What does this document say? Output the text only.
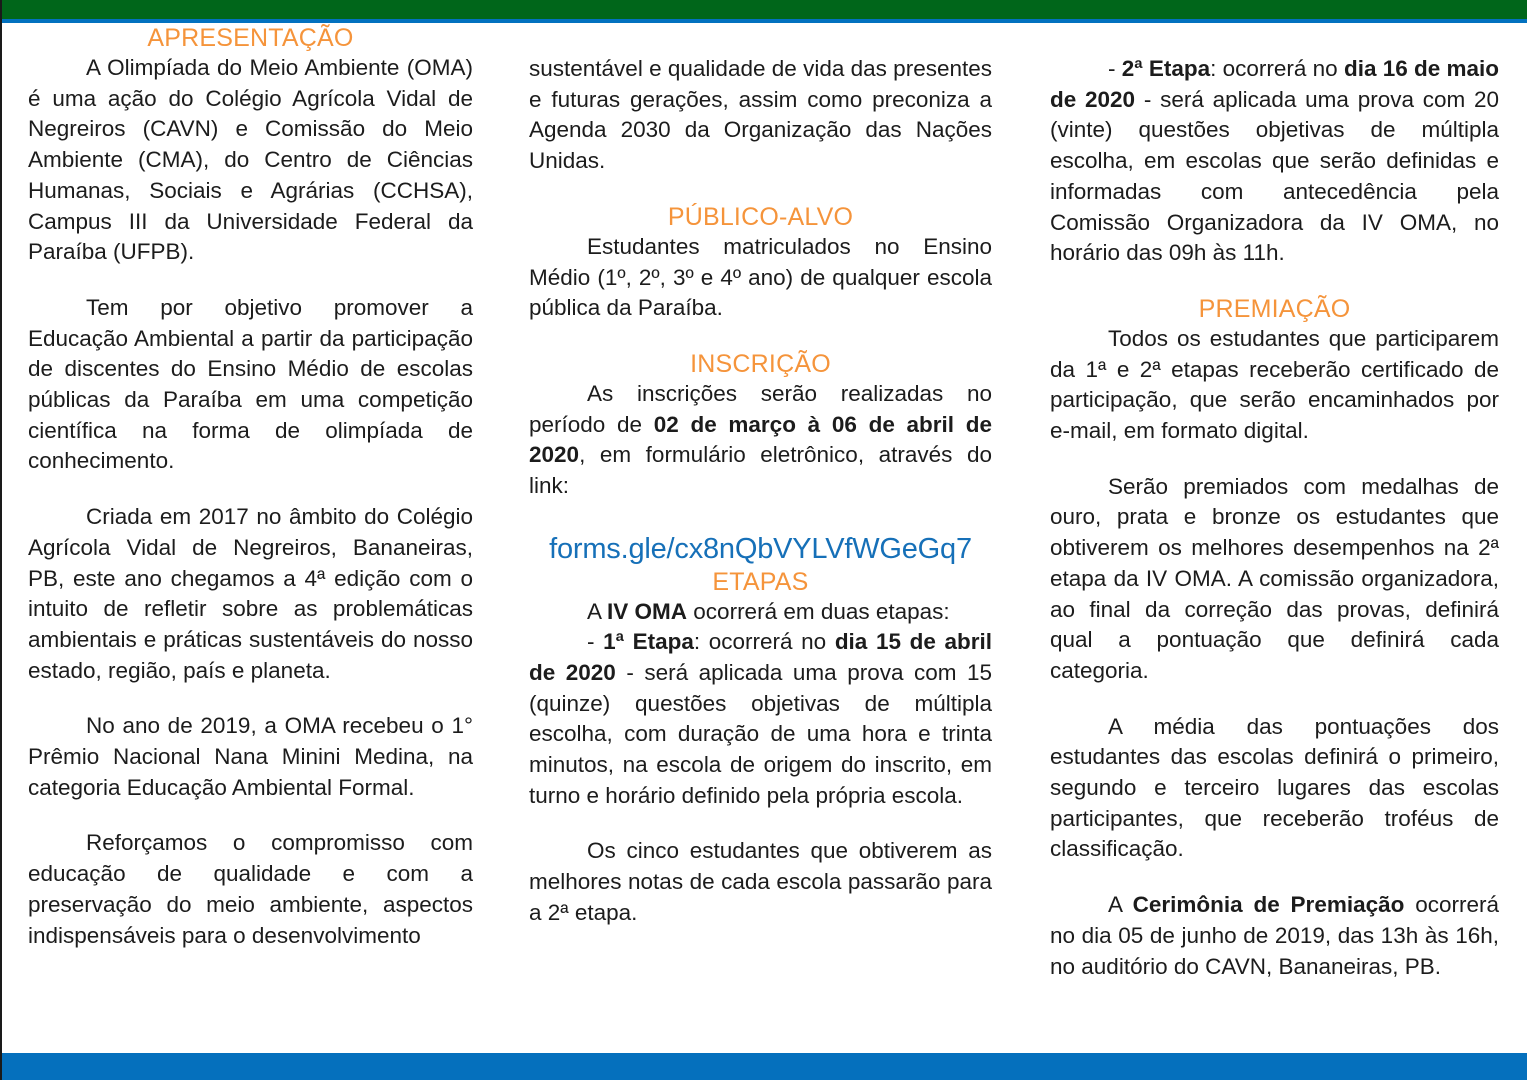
APRESENTAÇÃO

A Olimpíada do Meio Ambiente (OMA) é uma ação do Colégio Agrícola Vidal de Negreiros (CAVN) e Comissão do Meio Ambiente (CMA), do Centro de Ciências Humanas, Sociais e Agrárias (CCHSA), Campus III da Universidade Federal da Paraíba (UFPB).

Tem por objetivo promover a Educação Ambiental a partir da participação de discentes do Ensino Médio de escolas públicas da Paraíba em uma competição científica na forma de olimpíada de conhecimento.

Criada em 2017 no âmbito do Colégio Agrícola Vidal de Negreiros, Bananeiras, PB, este ano chegamos a 4ª edição com o intuito de refletir sobre as problemáticas ambientais e práticas sustentáveis do nosso estado, região, país e planeta.

No ano de 2019, a OMA recebeu o 1° Prêmio Nacional Nana Minini Medina, na categoria Educação Ambiental Formal.

Reforçamos o compromisso com educação de qualidade e com a preservação do meio ambiente, aspectos indispensáveis para o desenvolvimento

sustentável e qualidade de vida das presentes e futuras gerações, assim como preconiza a Agenda 2030 da Organização das Nações Unidas.

PÚBLICO-ALVO

Estudantes matriculados no Ensino Médio (1º, 2º, 3º e 4º ano) de qualquer escola pública da Paraíba.

INSCRIÇÃO

As inscrições serão realizadas no período de 02 de março à 06 de abril de 2020, em formulário eletrônico, através do link:

forms.gle/cx8nQbVYLVfWGeGq7
ETAPAS

A IV OMA ocorrerá em duas etapas:

- 1ª Etapa: ocorrerá no dia 15 de abril de 2020 - será aplicada uma prova com 15 (quinze) questões objetivas de múltipla escolha, com duração de uma hora e trinta minutos, na escola de origem do inscrito, em turno e horário definido pela própria escola.

Os cinco estudantes que obtiverem as melhores notas de cada escola passarão para a 2ª etapa.

- 2ª Etapa: ocorrerá no dia 16 de maio de 2020 - será aplicada uma prova com 20 (vinte) questões objetivas de múltipla escolha, em escolas que serão definidas e informadas com antecedência pela Comissão Organizadora da IV OMA, no horário das 09h às 11h.

PREMIAÇÃO

Todos os estudantes que participarem da 1ª e 2ª etapas receberão certificado de participação, que serão encaminhados por e-mail, em formato digital.

Serão premiados com medalhas de ouro, prata e bronze os estudantes que obtiverem os melhores desempenhos na 2ª etapa da IV OMA. A comissão organizadora, ao final da correção das provas, definirá qual a pontuação que definirá cada categoria.

A média das pontuações dos estudantes das escolas definirá o primeiro, segundo e terceiro lugares das escolas participantes, que receberão troféus de classificação.

A Cerimônia de Premiação ocorrerá no dia 05 de junho de 2019, das 13h às 16h, no auditório do CAVN, Bananeiras, PB.
